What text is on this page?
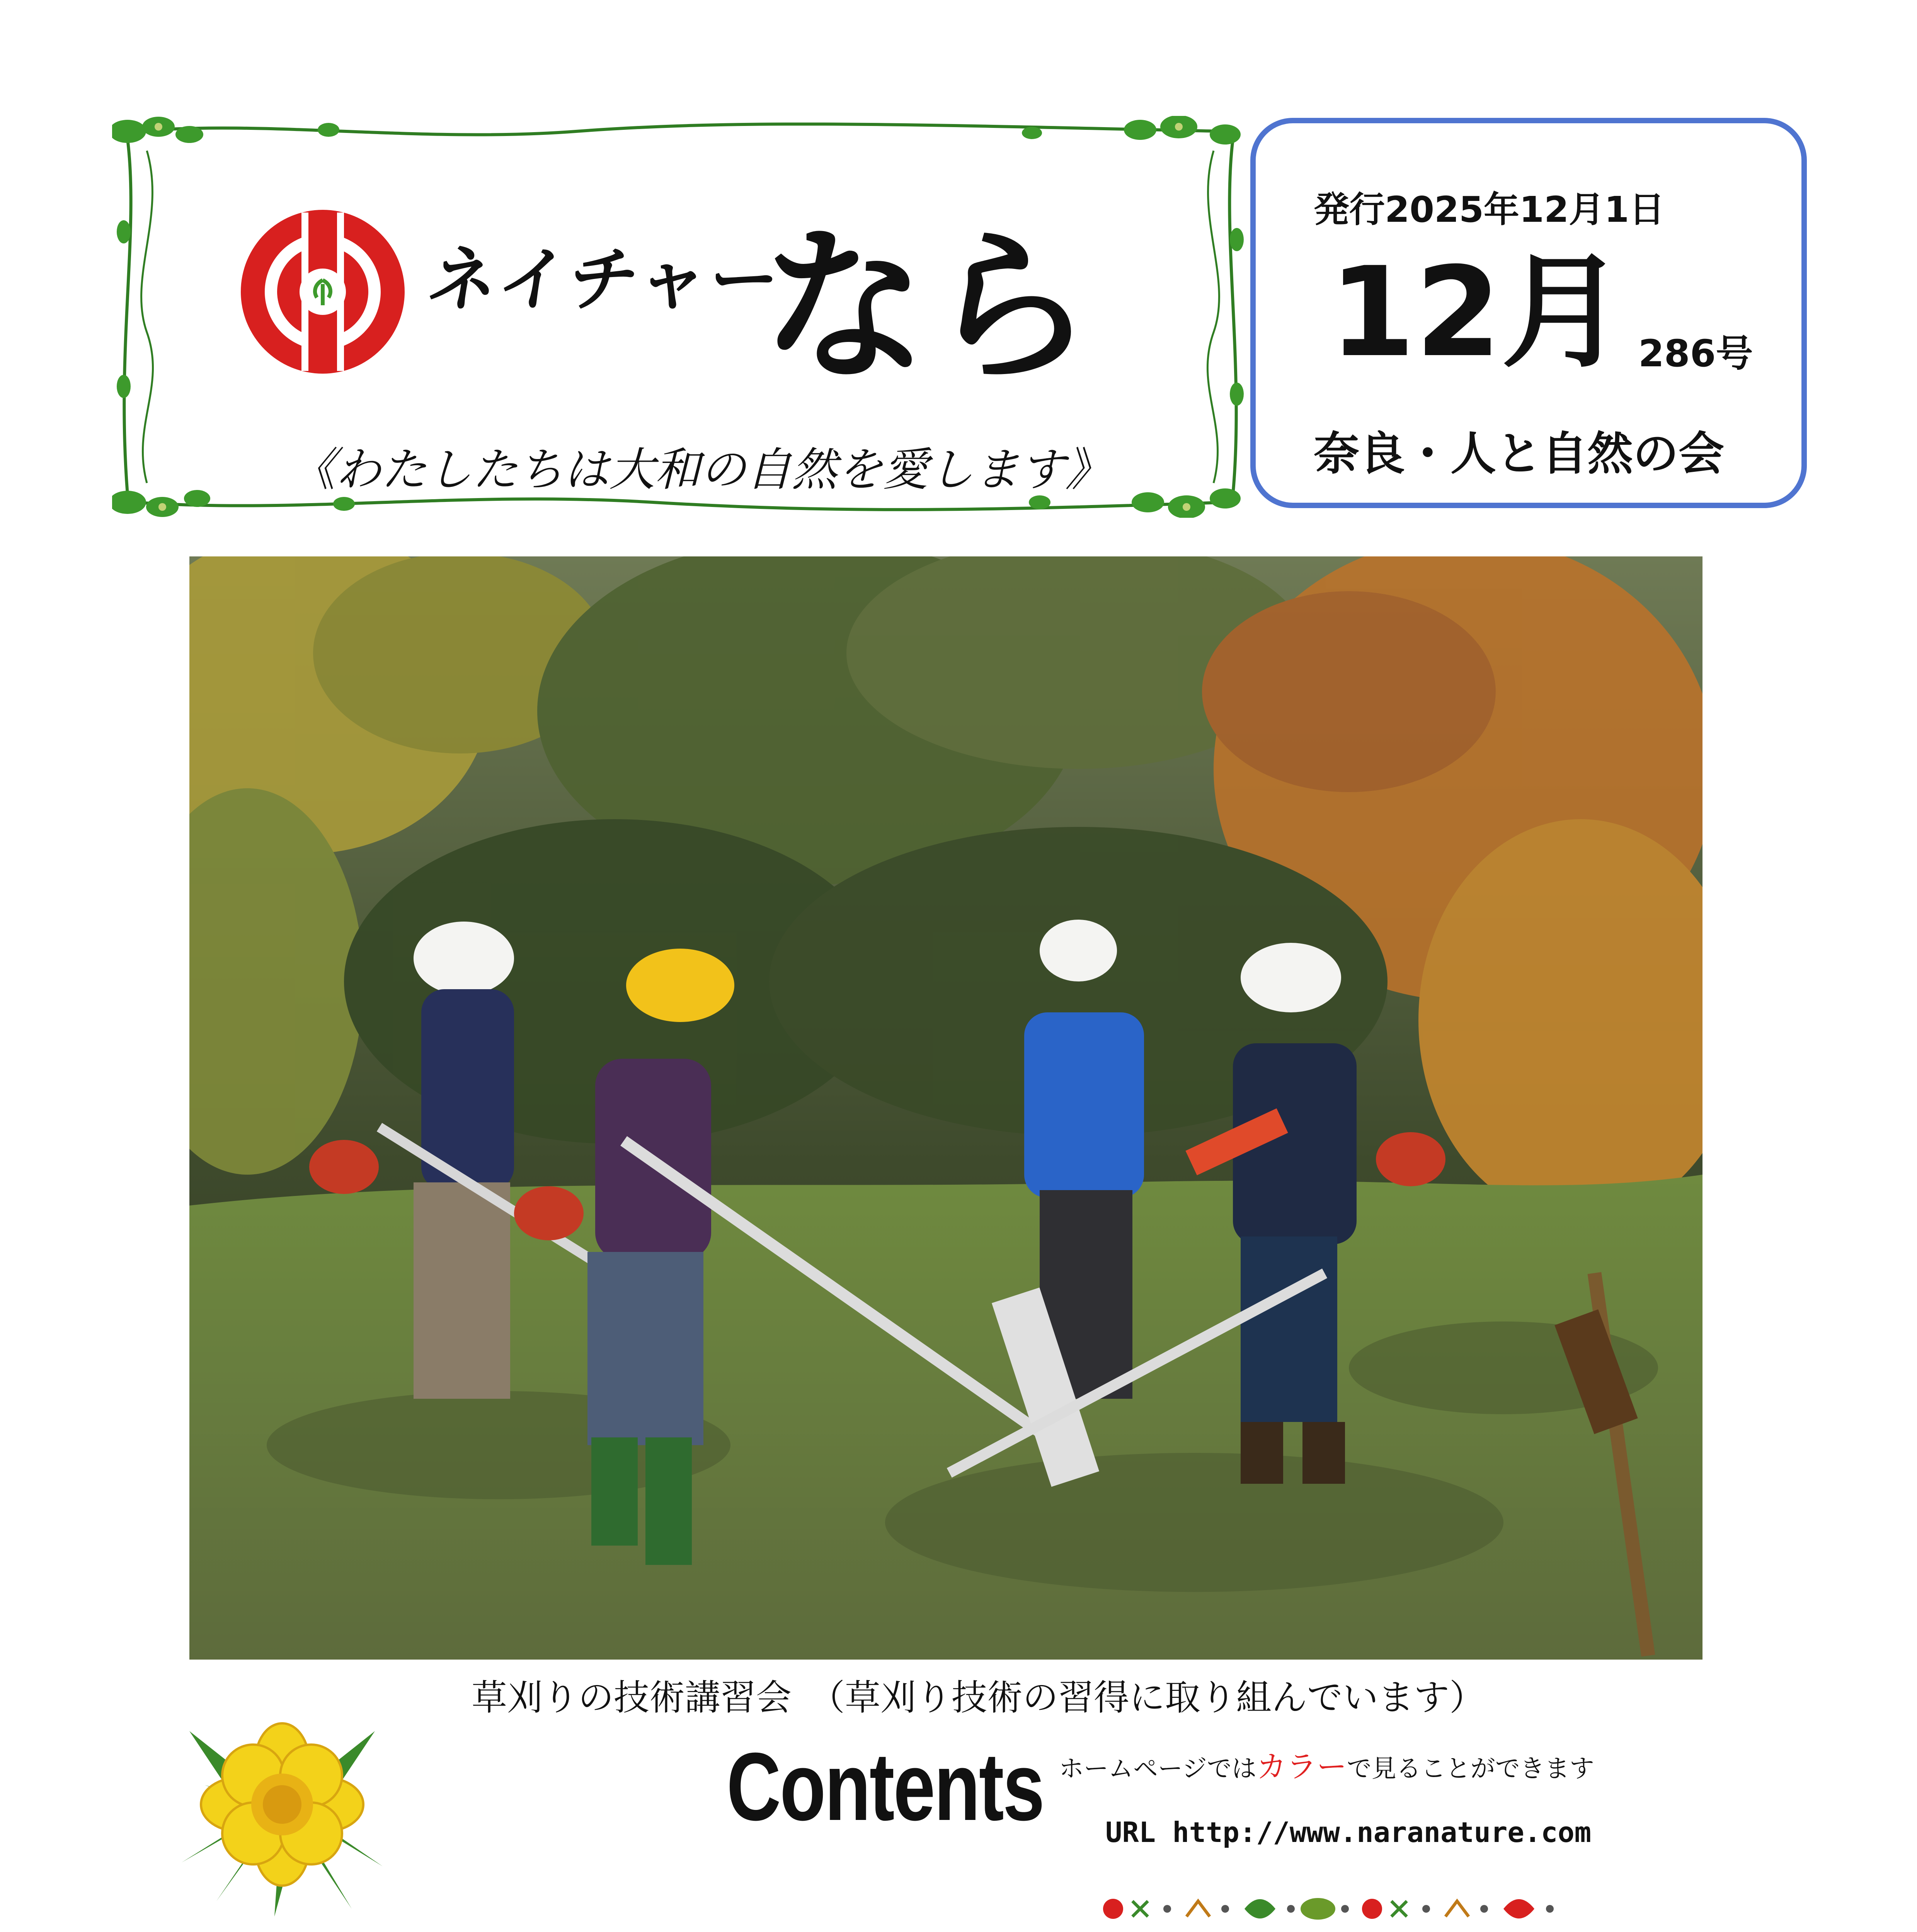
ネイチャー
なら
《わたしたちは大和の自然を愛します》
発行2025年12月1日
12月 286号
奈良・人と自然の会
草刈りの技術講習会　（草刈り技術の習得に取り組んでいます）
Contents ホームページではカラーで見ることができます
URL http://www.naranature.com
